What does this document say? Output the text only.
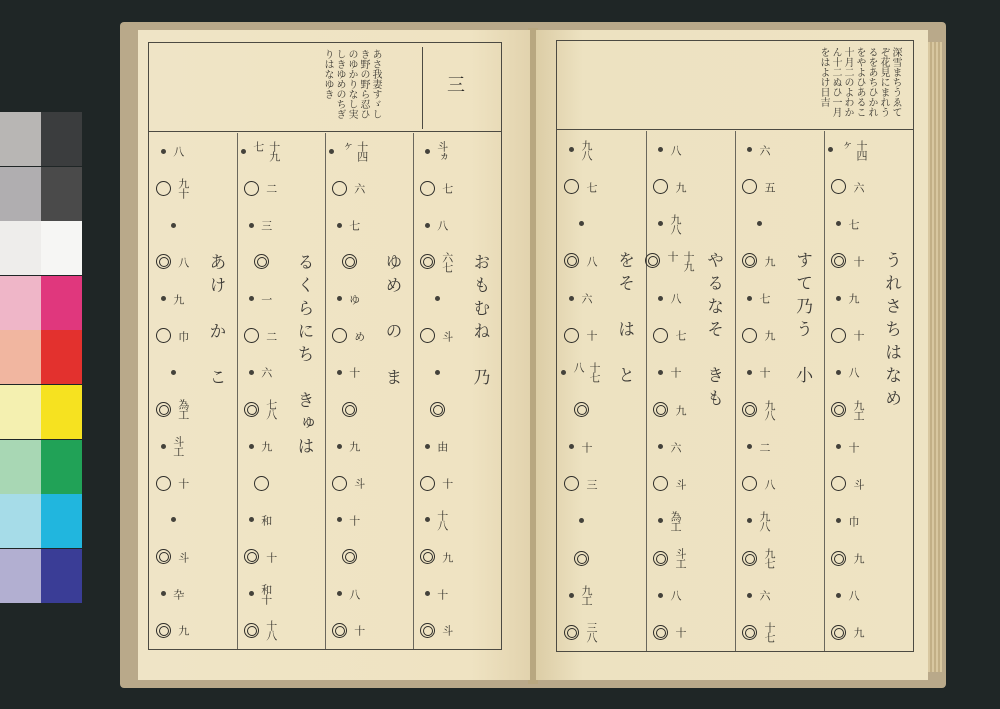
あさ我妻すゞしき野の野ら忍ひのゆかりなし実しきゆめのちぎりはなゆき	三
八
九十
八
九
巾
為工
斗工
十
斗
卆
九
あけ　か　こ
十九七
二
三
一
二
六
七八
九
和
十
和十
十八
るくらにち　きゅは
十四ヶ
六
七
ゆ
め
十
九
斗
十
八
十
ゆめ　の　ま
斗ヵ
七
八
六七
斗
由
十
十八
九
十
斗
おもむね　乃
深雪まちうゑてぞ花見にまれうるをあちひかれをやよひあるこ十月二のよわかん十二ぬひ一月をはよけ日吉
九八
七
八
六
十
十七八
十
三
九工
三八
をそ　は　と
八
九
九八
十九十
八
七
十
九
六
斗
為工
斗工
八
十
やるなそ　きも
六
五
九
七
九
十
九八
二
八
九八
九七
六
十七
すて乃う　小
十四ヶ
六
七
十
九
十
八
九工
十
斗
巾
九
八
九
うれさちはなめ
